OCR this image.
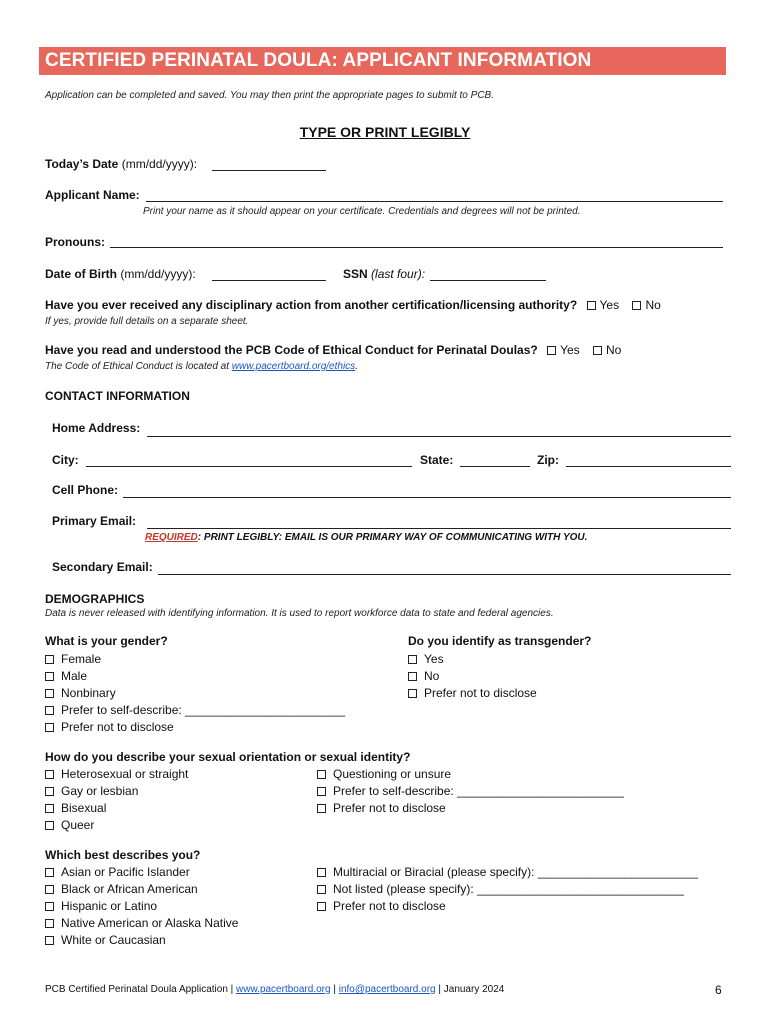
CERTIFIED PERINATAL DOULA: APPLICANT INFORMATION
Application can be completed and saved. You may then print the appropriate pages to submit to PCB.
TYPE OR PRINT LEGIBLY
Today’s Date (mm/dd/yyyy):
Applicant Name:
Print your name as it should appear on your certificate. Credentials and degrees will not be printed.
Pronouns:
Date of Birth (mm/dd/yyyy):	SSN (last four):
Have you ever received any disciplinary action from another certification/licensing authority? Yes No
If yes, provide full details on a separate sheet.
Have you read and understood the PCB Code of Ethical Conduct for Perinatal Doulas? Yes No
The Code of Ethical Conduct is located at www.pacertboard.org/ethics.
CONTACT INFORMATION
Home Address:
City:	State:	Zip:
Cell Phone:
Primary Email:
REQUIRED: PRINT LEGIBLY: EMAIL IS OUR PRIMARY WAY OF COMMUNICATING WITH YOU.
Secondary Email:
DEMOGRAPHICS
Data is never released with identifying information. It is used to report workforce data to state and federal agencies.
What is your gender?
Female
Male
Nonbinary
Prefer to self-describe: ________________________
Prefer not to disclose
Do you identify as transgender?
Yes
No
Prefer not to disclose
How do you describe your sexual orientation or sexual identity?
Heterosexual or straight
Gay or lesbian
Bisexual
Queer
Questioning or unsure
Prefer to self-describe: _________________________
Prefer not to disclose
Which best describes you?
Asian or Pacific Islander
Black or African American
Hispanic or Latino
Native American or Alaska Native
White or Caucasian
Multiracial or Biracial (please specify): ________________________
Not listed (please specify): _______________________________
Prefer not to disclose
PCB Certified Perinatal Doula Application | www.pacertboard.org | info@pacertboard.org | January 2024	6
